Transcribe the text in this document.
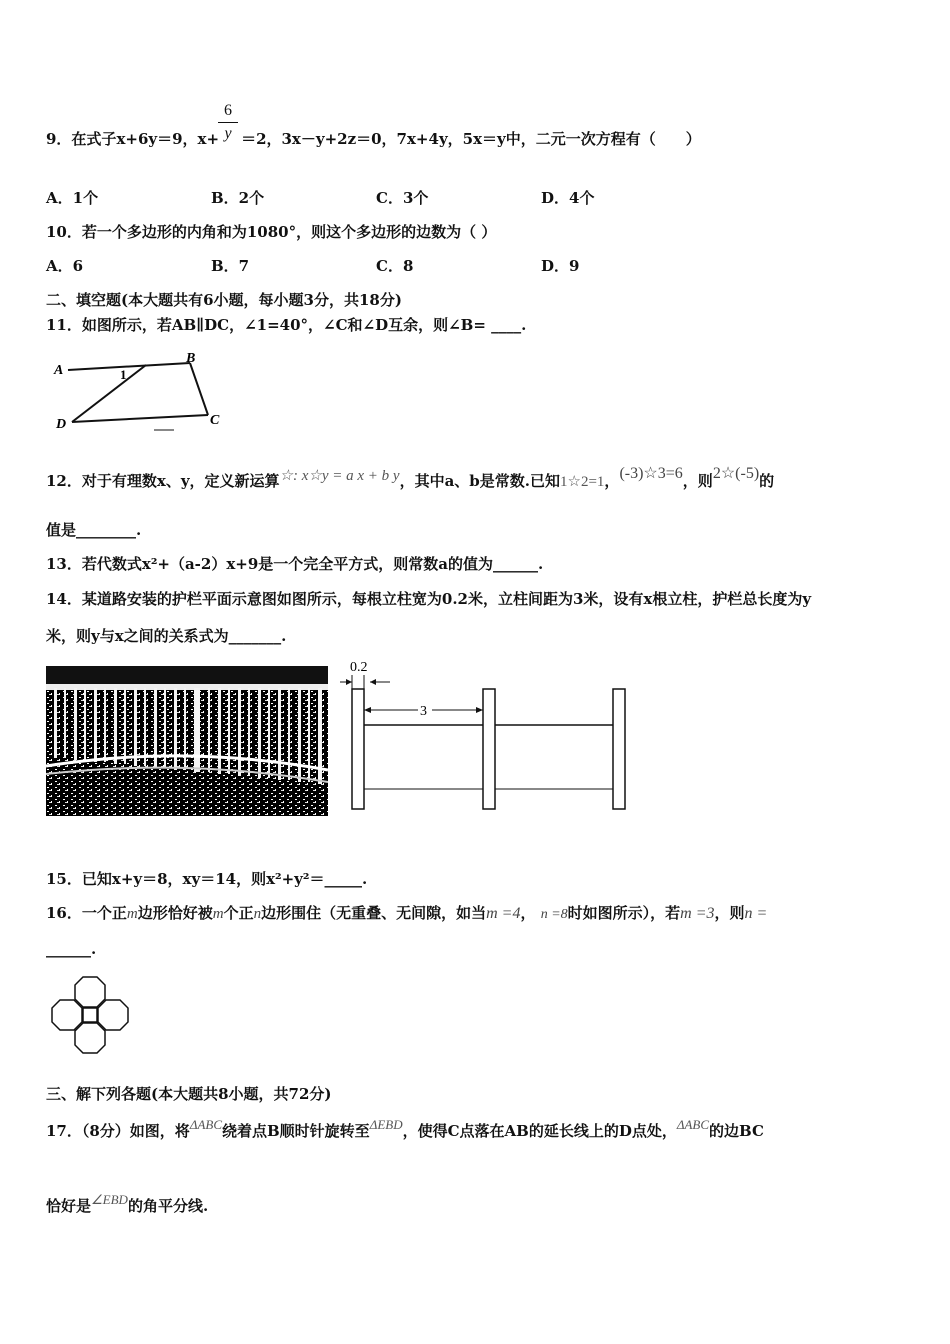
6
y
9．在式子x+6y＝9，x+ ＝2，3x－y+2z＝0，7x+4y，5x＝y中，二元一次方程有（　　）
A．1个	B．2个	C．3个	D．4个
10．若一个多边形的内角和为1080°，则这个多边形的边数为（ ）
A．6	B．7	C．8	D．9
二、填空题(本大题共有6小题，每小题3分，共18分)
11．如图所示，若AB∥DC，∠1=40°，∠C和∠D互余，则∠B= ____.
A
B
C
D
1
12．对于有理数x、y，定义新运算☆: x☆y = a x + b y，其中a、b是常数.已知1☆2=1，(-3)☆3=6，则2☆(-5)的
值是________.
13．若代数式x²+（a-2）x+9是一个完全平方式，则常数a的值为______.
14．某道路安装的护栏平面示意图如图所示，每根立柱宽为0.2米，立柱间距为3米，设有x根立柱，护栏总长度为y
米，则y与x之间的关系式为_______.
0.2
3
15．已知x+y＝8，xy＝14，则x²+y²＝_____.
16．一个正m边形恰好被m个正n边形围住（无重叠、无间隙，如当m =4， n =8时如图所示），若m =3，则n =
______.
三、解下列各题(本大题共8小题，共72分)
17．（8分）如图，将ΔABC绕着点B顺时针旋转至ΔEBD，使得C点落在AB的延长线上的D点处，ΔABC的边BC
恰好是∠EBD的角平分线.
